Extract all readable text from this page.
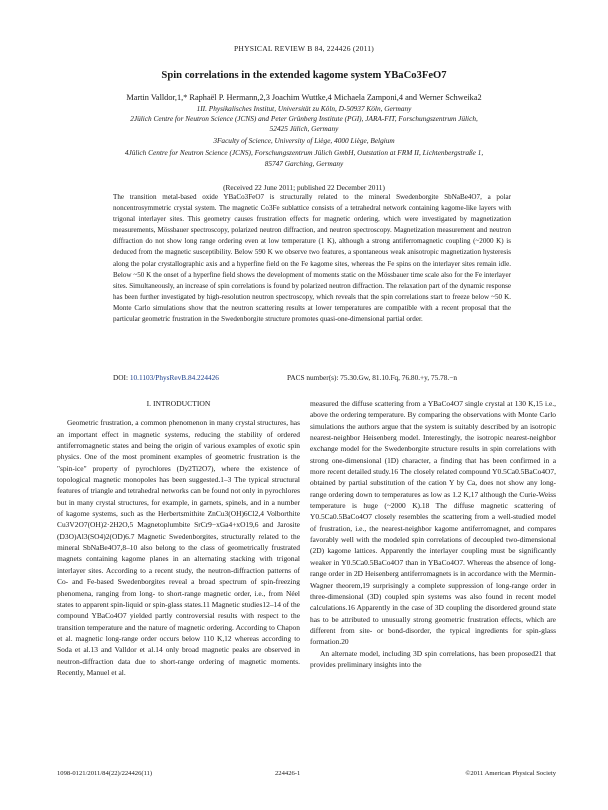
PHYSICAL REVIEW B 84, 224426 (2011)
Spin correlations in the extended kagome system YBaCo3FeO7
Martin Valldor,1,* Raphaël P. Hermann,2,3 Joachim Wuttke,4 Michaela Zamponi,4 and Werner Schweika2
1II. Physikalisches Institut, Universität zu Köln, D-50937 Köln, Germany
2Jülich Centre for Neutron Science (JCNS) and Peter Grünberg Institute (PGI), JARA-FIT, Forschungszentrum Jülich,
52425 Jülich, Germany
3Faculty of Science, University of Liège, 4000 Liège, Belgium
4Jülich Centre for Neutron Science (JCNS), Forschungszentrum Jülich GmbH, Outstation at FRM II, Lichtenbergstraße 1,
85747 Garching, Germany
(Received 22 June 2011; published 22 December 2011)
The transition metal-based oxide YBaCo3FeO7 is structurally related to the mineral Swedenborgite SbNaBe4O7, a polar noncentrosymmetric crystal system. The magnetic Co3Fe sublattice consists of a tetrahedral network containing kagome-like layers with trigonal interlayer sites. This geometry causes frustration effects for magnetic ordering, which were investigated by magnetization measurements, Mössbauer spectroscopy, polarized neutron diffraction, and neutron spectroscopy. Magnetization measurement and neutron diffraction do not show long range ordering even at low temperature (1 K), although a strong antiferromagnetic coupling (~2000 K) is deduced from the magnetic susceptibility. Below 590 K we observe two features, a spontaneous weak anisotropic magnetization hysteresis along the polar crystallographic axis and a hyperfine field on the Fe kagome sites, whereas the Fe spins on the interlayer sites remain idle. Below ~50 K the onset of a hyperfine field shows the development of moments static on the Mössbauer time scale also for the Fe interlayer sites. Simultaneously, an increase of spin correlations is found by polarized neutron diffraction. The relaxation part of the dynamic response has been further investigated by high-resolution neutron spectroscopy, which reveals that the spin correlations start to freeze below ~50 K. Monte Carlo simulations show that the neutron scattering results at lower temperatures are compatible with a recent proposal that the particular geometric frustration in the Swedenborgite structure promotes quasi-one-dimensional partial order.
DOI: 10.1103/PhysRevB.84.224426	PACS number(s): 75.30.Gw, 81.10.Fq, 76.80.+y, 75.78.−n
I. INTRODUCTION

Geometric frustration, a common phenomenon in many crystal structures, has an important effect in magnetic systems, reducing the stability of ordered antiferromagnetic states and being the origin of various examples of exotic spin physics. One of the most prominent examples of geometric frustration is the "spin-ice" property of pyrochlores (Dy2Ti2O7), where the existence of topological magnetic monopoles has been suggested.1–3 The typical structural features of triangle and tetrahedral networks can be found not only in pyrochlores but in many crystal structures, for example, in garnets, spinels, and in a number of kagome systems, such as the Herbertsmithite ZnCu3(OH)6Cl2,4 Volborthite Cu3V2O7(OH)2·2H2O,5 Magnetoplumbite SrCr9−xGa4+xO19,6 and Jarosite (D3O)Al3(SO4)2(OD)6.7 Magnetic Swedenborgites, structurally related to the mineral SbNaBe4O7,8–10 also belong to the class of geometrically frustrated magnets containing kagome planes in an alternating stacking with trigonal interlayer sites. According to a recent study, the neutron-diffraction patterns of Co- and Fe-based Swedenborgites reveal a broad spectrum of spin-freezing phenomena, ranging from long- to short-range magnetic order, i.e., from Néel states to apparent spin-liquid or spin-glass states.11 Magnetic studies12–14 of the compound YBaCo4O7 yielded partly controversial results with respect to the transition temperature and the nature of magnetic ordering. According to Chapon et al. magnetic long-range order occurs below 110 K,12 whereas according to Soda et al.13 and Valldor et al.14 only broad magnetic peaks are observed in neutron-diffraction data due to short-range ordering of magnetic moments. Recently, Manuel et al.

measured the diffuse scattering from a YBaCo4O7 single crystal at 130 K,15 i.e., above the ordering temperature. By comparing the observations with Monte Carlo simulations the authors argue that the system is suitably described by an isotropic nearest-neighbor Heisenberg model. Interestingly, the isotropic nearest-neighbor exchange model for the Swedenborgite structure results in spin correlations with strong one-dimensional (1D) character, a finding that has been confirmed in a more recent detailed study.16 The closely related compound Y0.5Ca0.5BaCo4O7, obtained by partial substitution of the cation Y by Ca, does not show any long-range ordering down to temperatures as low as 1.2 K,17 although the Curie-Weiss temperature is huge (~2000 K).18 The diffuse magnetic scattering of Y0.5Ca0.5BaCo4O7 closely resembles the scattering from a well-studied model of frustration, i.e., the nearest-neighbor kagome antiferromagnet, and compares favorably well with the modeled spin correlations of decoupled two-dimensional (2D) kagome lattices. Apparently the interlayer coupling must be significantly weaker in Y0.5Ca0.5BaCo4O7 than in YBaCo4O7. Whereas the absence of long-range order in 2D Heisenberg antiferromagnets is in accordance with the Mermin-Wagner theorem,19 surprisingly a complete suppression of long-range order in three-dimensional (3D) coupled spin systems was also found in recent model calculations.16 Apparently in the case of 3D coupling the disordered ground state has to be attributed to unusually strong geometric frustration effects, which are different from site- or bond-disorder, the typical ingredients for spin-glass formation.20

An alternate model, including 3D spin correlations, has been proposed21 that provides preliminary insights into the

1098-0121/2011/84(22)/224426(11)	224426-1	©2011 American Physical Society
